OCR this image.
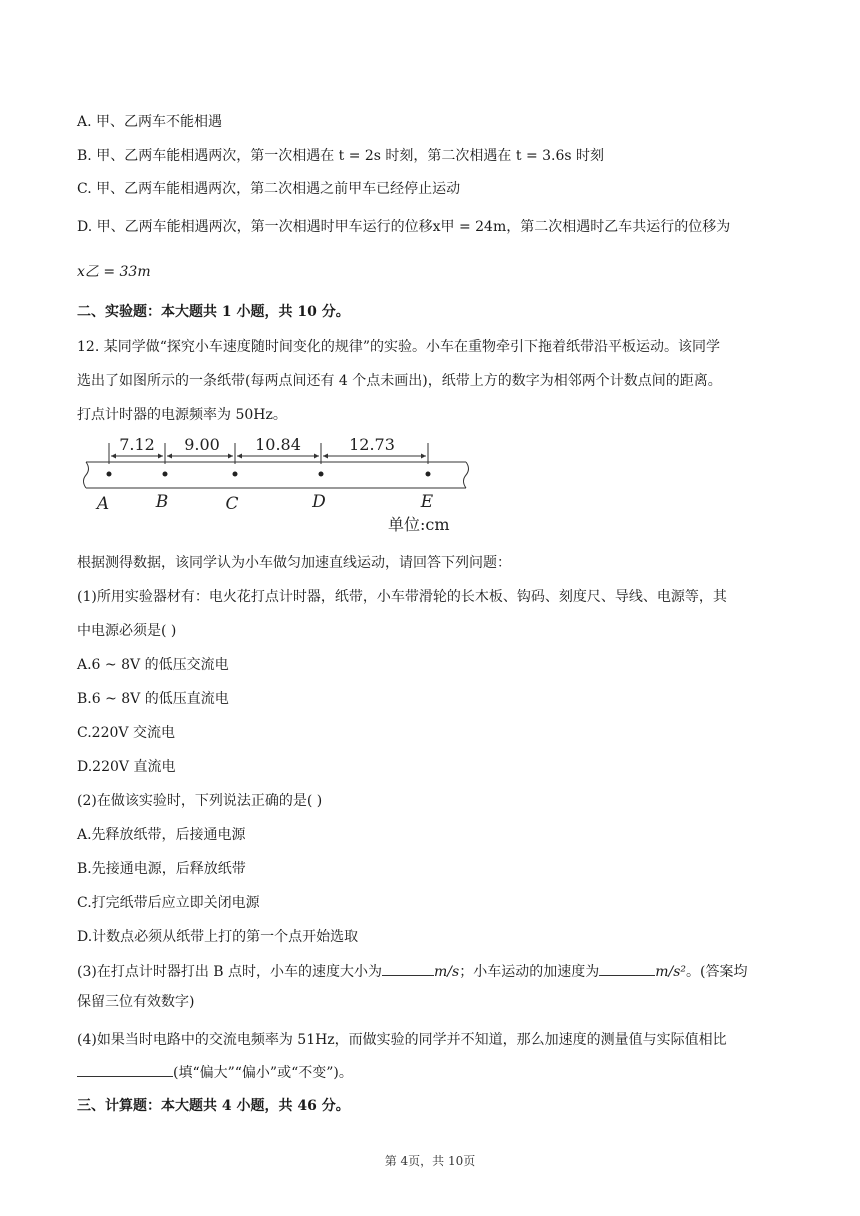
A. 甲、乙两车不能相遇
B. 甲、乙两车能相遇两次，第一次相遇在 t = 2s 时刻，第二次相遇在 t = 3.6s 时刻
C. 甲、乙两车能相遇两次，第二次相遇之前甲车已经停止运动
D. 甲、乙两车能相遇两次，第一次相遇时甲车运行的位移x甲 = 24m，第二次相遇时乙车共运行的位移为
x乙 = 33m
二、实验题：本大题共 1 小题，共 10 分。
12. 某同学做“探究小车速度随时间变化的规律”的实验。小车在重物牵引下拖着纸带沿平板运动。该同学
选出了如图所示的一条纸带(每两点间还有 4 个点未画出)，纸带上方的数字为相邻两个计数点间的距离。
打点计时器的电源频率为 50Hz。
7.12 9.00 10.84	12.73
A	B	C	D	E
单位:cm
根据测得数据，该同学认为小车做匀加速直线运动，请回答下列问题：
(1)所用实验器材有：电火花打点计时器，纸带，小车带滑轮的长木板、钩码、刻度尺、导线、电源等，其
中电源必须是( )
A.6 ~ 8V 的低压交流电
B.6 ~ 8V 的低压直流电
C.220V 交流电
D.220V 直流电
(2)在做该实验时，下列说法正确的是( )
A.先释放纸带，后接通电源
B.先接通电源，后释放纸带
C.打完纸带后应立即关闭电源
D.计数点必须从纸带上打的第一个点开始选取
(3)在打点计时器打出 B 点时，小车的速度大小为	m/s；小车运动的加速度为	m/s²。(答案均
保留三位有效数字)
(4)如果当时电路中的交流电频率为 51Hz，而做实验的同学并不知道，那么加速度的测量值与实际值相比
(填“偏大”“偏小”或“不变”)。
三、计算题：本大题共 4 小题，共 46 分。
第 4页，共 10页
